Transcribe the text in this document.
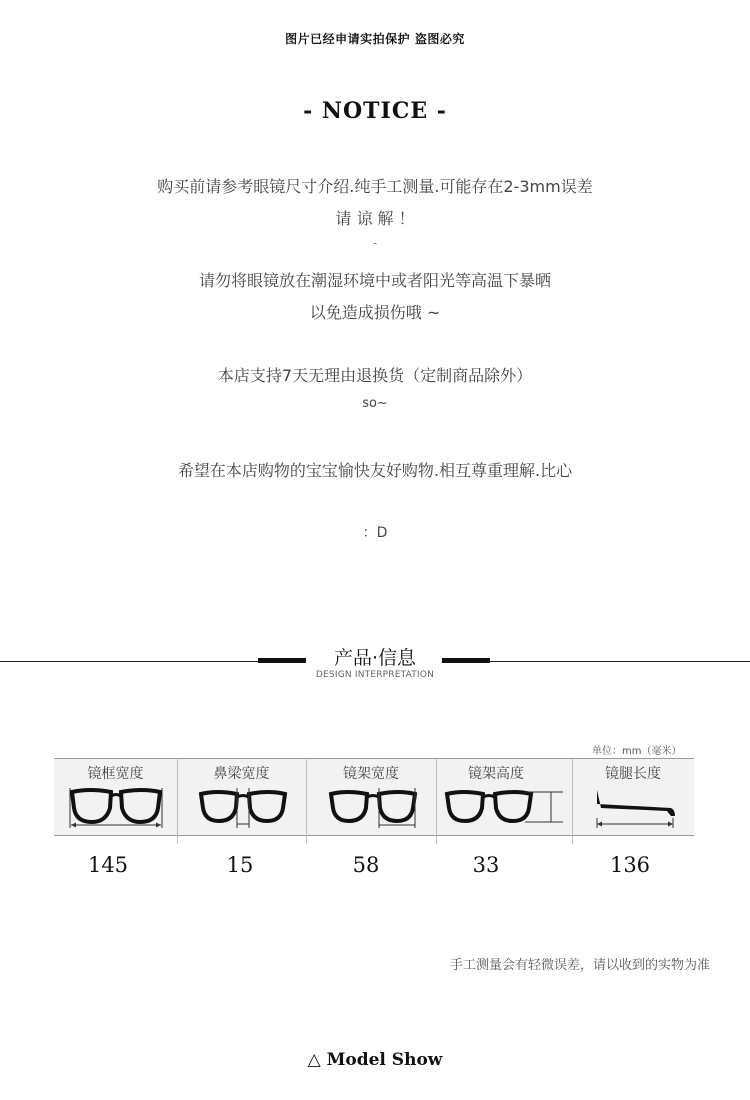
图片已经申请实拍保护 盗图必究
- NOTICE -
购买前请参考眼镜尺寸介绍.纯手工测量.可能存在2-3mm误差
请 谅 解 ！
-
请勿将眼镜放在潮湿环境中或者阳光等高温下暴晒
以免造成损伤哦 ~
本店支持7天无理由退换货（定制商品除外）
so~
希望在本店购物的宝宝愉快友好购物.相互尊重理解.比心
：D
产品·信息
DESIGN INTERPRETATION
单位：mm（毫米）
镜框宽度	鼻梁宽度	镜架宽度	镜架高度	镜腿长度
145	15	58	33	136
手工测量会有轻微误差，请以收到的实物为准
△ Model Show
